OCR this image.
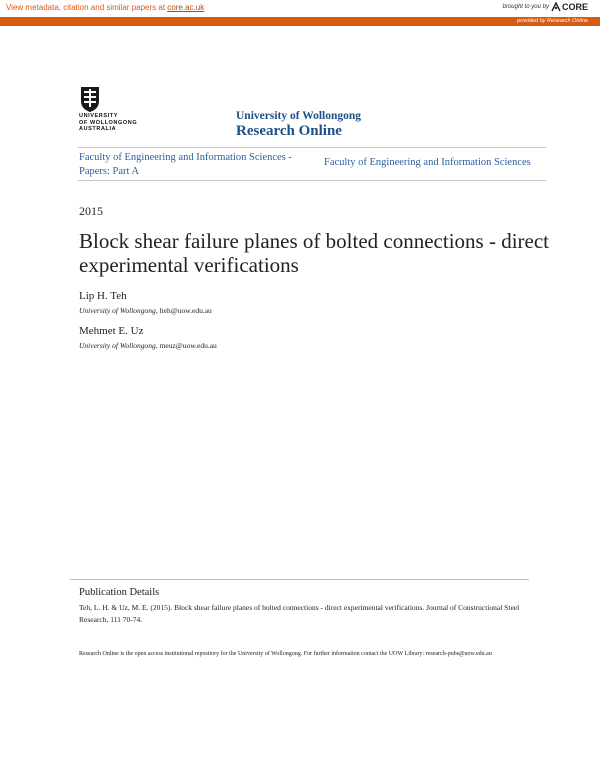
View metadata, citation and similar papers at core.ac.uk	brought to you by CORE
provided by Research Online
UNIVERSITY
OF WOLLONGONG
AUSTRALIA
University of Wollongong
Research Online
Faculty of Engineering and Information Sciences - Papers: Part A
Faculty of Engineering and Information Sciences
2015
Block shear failure planes of bolted connections - direct experimental verifications
Lip H. Teh
University of Wollongong, lteh@uow.edu.au
Mehmet E. Uz
University of Wollongong, meuz@uow.edu.au
Publication Details
Teh, L. H. & Uz, M. E. (2015). Block shear failure planes of bolted connections - direct experimental verifications. Journal of Constructional Steel Research, 111 70-74.
Research Online is the open access institutional repository for the University of Wollongong. For further information contact the UOW Library: research-pubs@uow.edu.au
